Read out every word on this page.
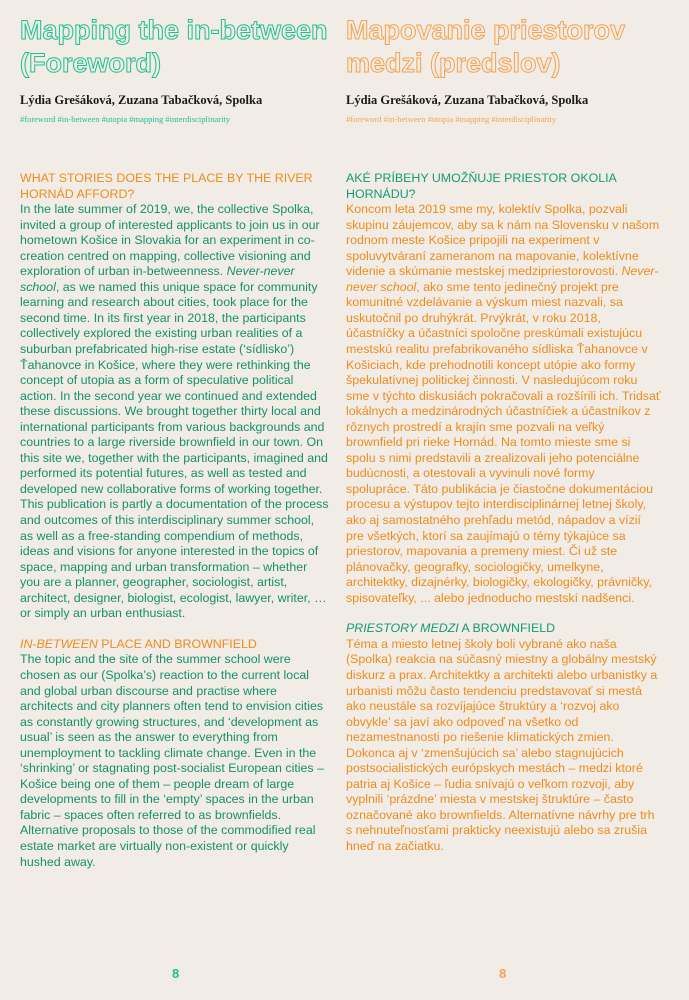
Mapping the in-between
(Foreword)

Lýdia Grešáková, Zuzana Tabačková, Spolka

#foreword #in-between #utopia #mapping #interdisciplinarity

WHAT STORIES DOES THE PLACE BY THE RIVER HORNÁD AFFORD?
In the late summer of 2019, we, the collective Spolka, invited a group of interested applicants to join us in our hometown Košice in Slovakia for an experiment in co-creation centred on mapping, collective visioning and exploration of urban in-betweenness. Never-never school, as we named this unique space for community learning and research about cities, took place for the second time. In its first year in 2018, the participants collectively explored the existing urban realities of a suburban prefabricated high-rise estate (‘sídlisko’) Ťahanovce in Košice, where they were rethinking the concept of utopia as a form of speculative political action. In the second year we continued and extended these discussions. We brought together thirty local and international participants from various backgrounds and countries to a large riverside brownfield in our town. On this site we, together with the participants, imagined and performed its potential futures, as well as tested and developed new collaborative forms of working together. This publication is partly a documentation of the process and outcomes of this interdisciplinary summer school, as well as a free-standing compendium of methods, ideas and visions for anyone interested in the topics of space, mapping and urban transformation – whether you are a planner, geographer, sociologist, artist, architect, designer, biologist, ecologist, lawyer, writer, … or simply an urban enthusiast.
IN-BETWEEN PLACE AND BROWNFIELD
The topic and the site of the summer school were chosen as our (Spolka’s) reaction to the current local and global urban discourse and practise where architects and city planners often tend to envision cities as constantly growing structures, and ‘development as usual’ is seen as the answer to everything from unemployment to tackling climate change. Even in the ‘shrinking’ or stagnating post-socialist European cities – Košice being one of them – people dream of large developments to fill in the ‘empty’ spaces in the urban fabric – spaces often referred to as brownfields. Alternative proposals to those of the commodified real estate market are virtually non-existent or quickly hushed away.
Mapovanie priestorov
medzi (predslov)

Lýdia Grešáková, Zuzana Tabačková, Spolka

#foreword #in-between #utopia #mapping #interdisciplinarity

AKÉ PRÍBEHY UMOŽŇUJE PRIESTOR OKOLIA HORNÁDU?
Koncom leta 2019 sme my, kolektív Spolka, pozvali skupinu záujemcov, aby sa k nám na Slovensku v našom rodnom meste Košice pripojili na experiment v spoluvytváraní zameranom na mapovanie, kolektívne videnie a skúmanie mestskej medzipriestorovosti. Never-never school, ako sme tento jedinečný projekt pre komunitné vzdelávanie a výskum miest nazvali, sa uskutočnil po druhýkrát. Prvýkrát, v roku 2018, účastníčky a účastníci spoločne preskúmali existujúcu mestskú realitu prefabrikovaného sídliska Ťahanovce v Košiciach, kde prehodnotili koncept utópie ako formy špekulatívnej politickej činnosti. V nasledujúcom roku sme v týchto diskusiách pokračovali a rozšírili ich. Tridsať lokálnych a medzinárodných účastníčiek a účastníkov z rôznych prostredí a krajín sme pozvali na veľký brownfield pri rieke Hornád. Na tomto mieste sme si spolu s nimi predstavili a zrealizovali jeho potenciálne budúcnosti, a otestovali a vyvinuli nové formy spolupráce. Táto publikácia je čiastočne dokumentáciou procesu a výstupov tejto interdisciplinárnej letnej školy, ako aj samostatného prehľadu metód, nápadov a vízií pre všetkých, ktorí sa zaujímajú o témy týkajúce sa priestorov, mapovania a premeny miest. Či už ste plánovačky, geografky, sociologičky, umelkyne, architektky, dizajnérky, biologičky, ekologičky, právničky, spisovateľky, ... alebo jednoducho mestskí nadšenci.
PRIESTORY MEDZI A BROWNFIELD
Téma a miesto letnej školy boli vybrané ako naša (Spolka) reakcia na súčasný miestny a globálny mestský diskurz a prax. Architektky a architekti alebo urbanistky a urbanisti môžu často tendenciu predstavovať si mestá ako neustále sa rozvíjajúce štruktúry a ‘rozvoj ako obvykle’ sa javí ako odpoveď na všetko od nezamestnanosti po riešenie klimatických zmien. Dokonca aj v ‘zmenšujúcich sa’ alebo stagnujúcich postsocialistických európskych mestách – medzi ktoré patria aj Košice – ľudia snívajú o veľkom rozvoji, aby vyplnili ‘prázdne’ miesta v mestskej štruktúre – často označované ako brownfields. Alternatívne návrhy pre trh s nehnuteľnosťami prakticky neexistujú alebo sa zrušia hneď na začiatku.

8	8
